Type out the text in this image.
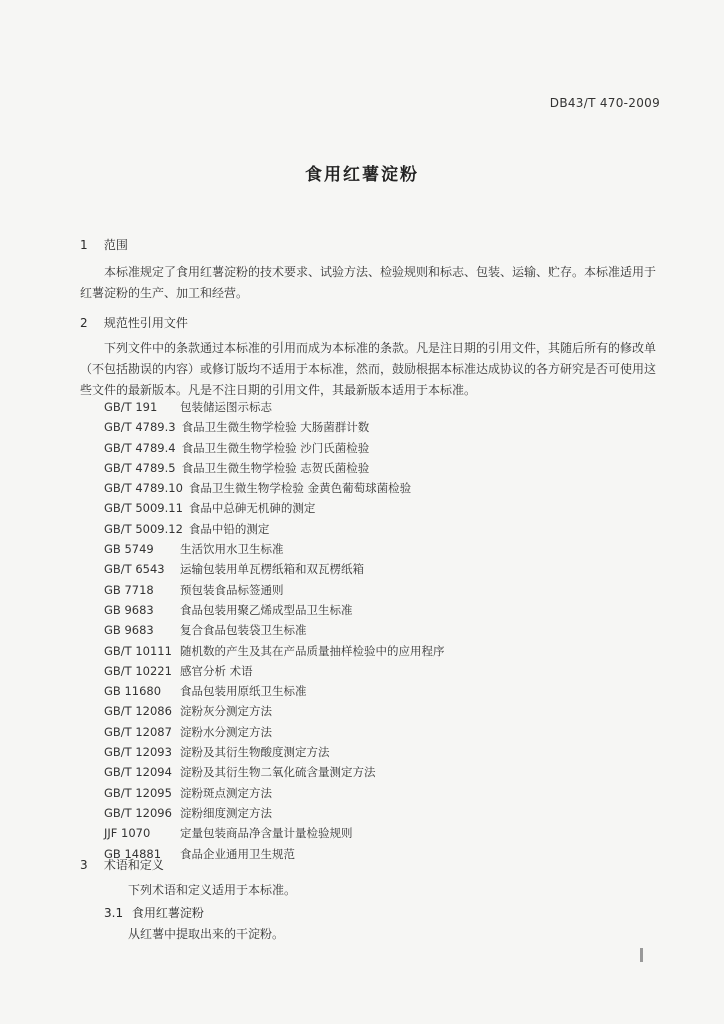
DB43/T 470-2009
食用红薯淀粉
1 范围
本标准规定了食用红薯淀粉的技术要求、试验方法、检验规则和标志、包装、运输、贮存。本标准适用于红薯淀粉的生产、加工和经营。
2 规范性引用文件
下列文件中的条款通过本标准的引用而成为本标准的条款。凡是注日期的引用文件，其随后所有的修改单（不包括勘误的内容）或修订版均不适用于本标准，然而，鼓励根据本标准达成协议的各方研究是否可使用这些文件的最新版本。凡是不注日期的引用文件，其最新版本适用于本标准。
GB/T 191 包装储运图示标志
GB/T 4789.3 食品卫生微生物学检验 大肠菌群计数
GB/T 4789.4 食品卫生微生物学检验 沙门氏菌检验
GB/T 4789.5 食品卫生微生物学检验 志贺氏菌检验
GB/T 4789.10 食品卫生微生物学检验 金黄色葡萄球菌检验
GB/T 5009.11 食品中总砷无机砷的测定
GB/T 5009.12 食品中铅的测定
GB 5749 生活饮用水卫生标准
GB/T 6543 运输包装用单瓦楞纸箱和双瓦楞纸箱
GB 7718 预包装食品标签通则
GB 9683 食品包装用聚乙烯成型品卫生标准
GB 9683 复合食品包装袋卫生标准
GB/T 10111 随机数的产生及其在产品质量抽样检验中的应用程序
GB/T 10221 感官分析 术语
GB 11680 食品包装用原纸卫生标准
GB/T 12086 淀粉灰分测定方法
GB/T 12087 淀粉水分测定方法
GB/T 12093 淀粉及其衍生物酸度测定方法
GB/T 12094 淀粉及其衍生物二氧化硫含量测定方法
GB/T 12095 淀粉斑点测定方法
GB/T 12096 淀粉细度测定方法
JJF 1070	定量包装商品净含量计量检验规则
GB 14881 食品企业通用卫生规范
3 术语和定义
下列术语和定义适用于本标准。
3.1 食用红薯淀粉
从红薯中提取出来的干淀粉。
